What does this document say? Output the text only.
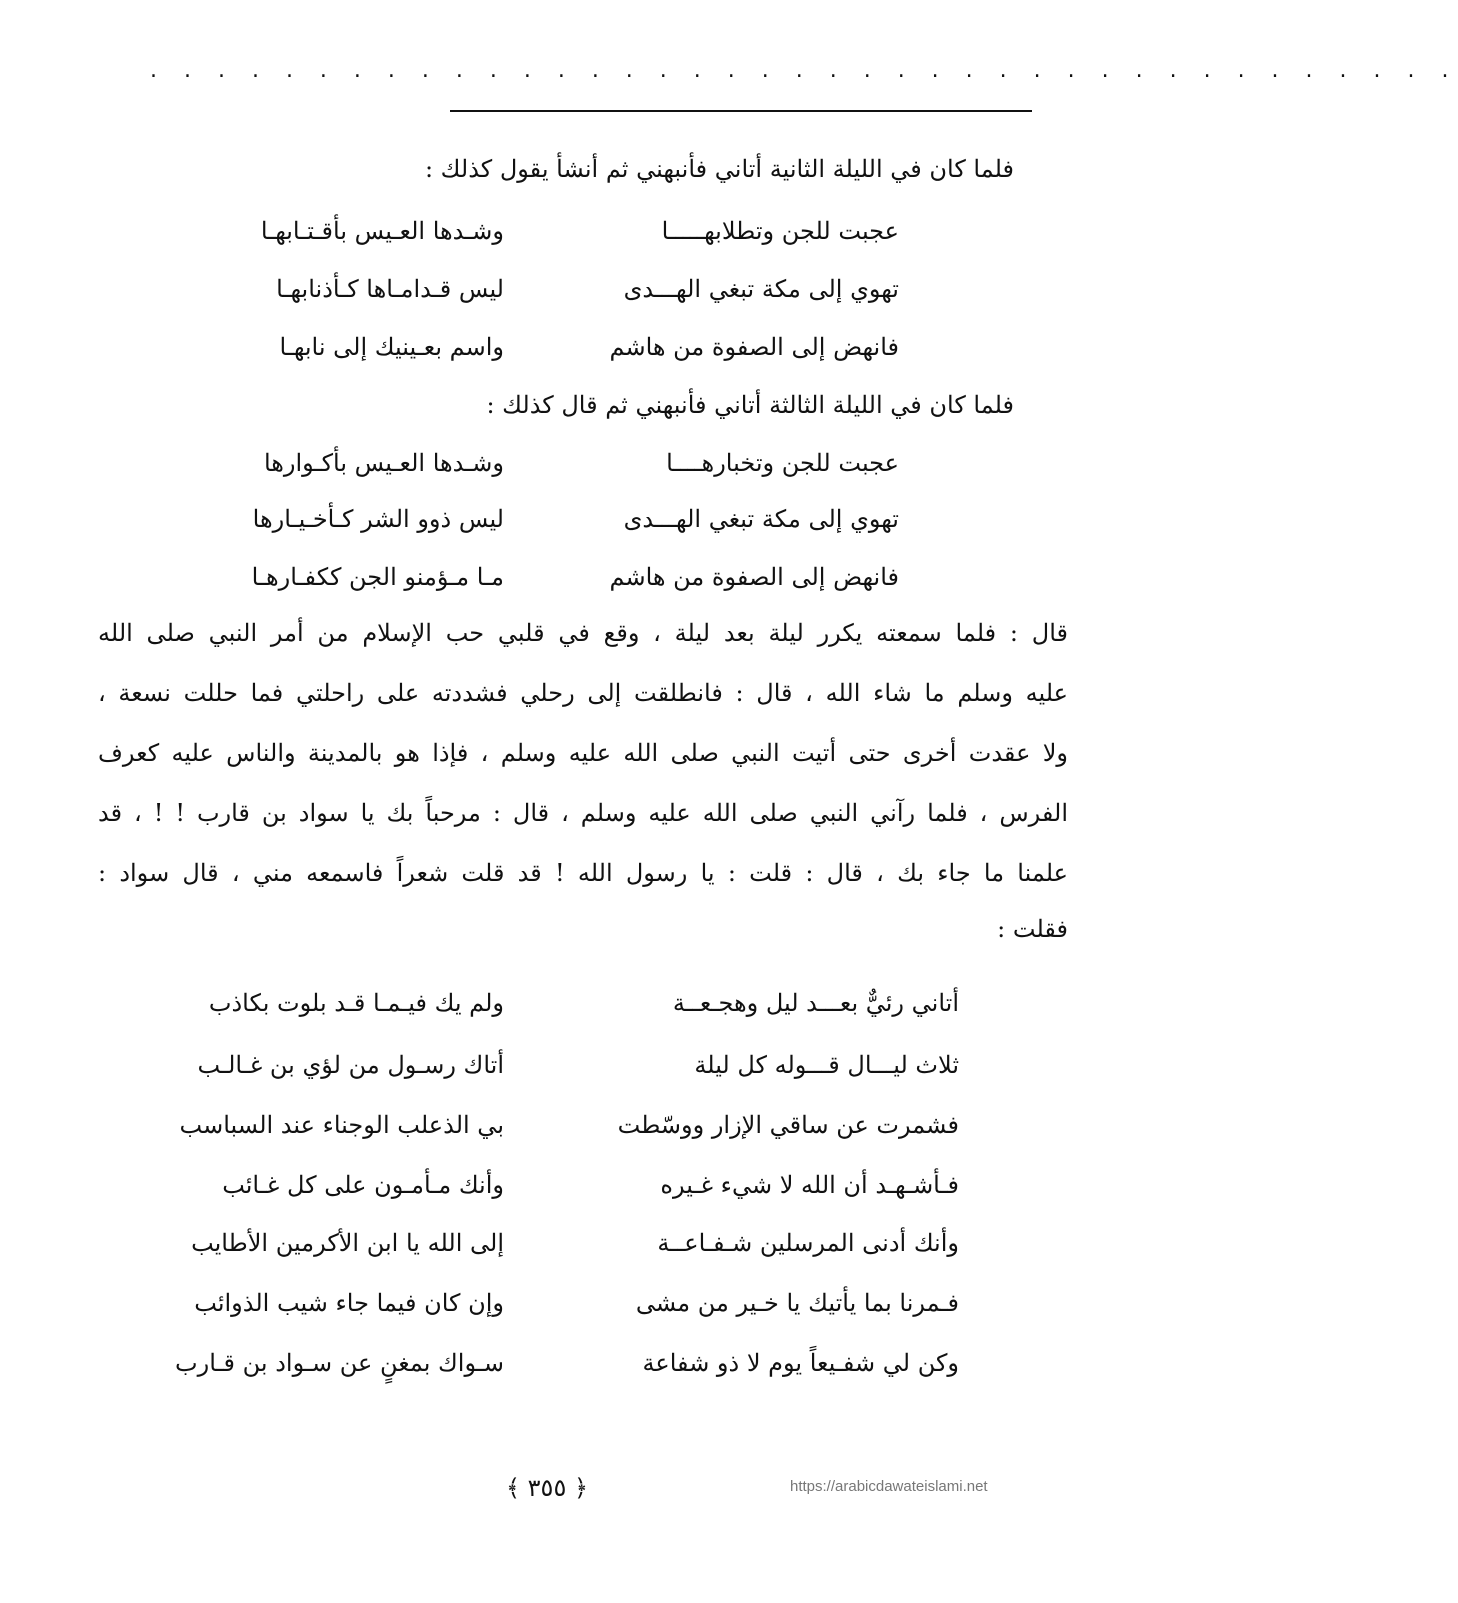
. . . . . . . . . . . . . . . . . . . . . . . . . . . . . . . . . . . . . . .
فلما كان في الليلة الثانية أتاني فأنبهني ثم أنشأ يقول كذلك :
عجبت للجن وتطلابهـــــا
وشـدها العـيس بأقـتـابهـا
تهوي إلى مكة تبغي الهـــدى
ليس قـدامـاها كـأذنابهـا
فانهض إلى الصفوة من هاشم
واسم بعـينيك إلى نابهـا
فلما كان في الليلة الثالثة أتاني فأنبهني ثم قال كذلك :
عجبت للجن وتخبارهــــا
وشـدها العـيس بأكـوارها
تهوي إلى مكة تبغي الهـــدى
ليس ذوو الشر كـأخـيـارها
فانهض إلى الصفوة من هاشم
مـا مـؤمنو الجن ككفـارهـا
قال : فلما سمعته يكرر ليلة بعد ليلة ، وقع في قلبي حب الإسلام من أمر النبي صلى الله
عليه وسلم ما شاء الله ، قال : فانطلقت إلى رحلي فشددته على راحلتي فما حللت نسعة ،
ولا عقدت أخرى حتى أتيت النبي صلى الله عليه وسلم ، فإذا هو بالمدينة والناس عليه كعرف
الفرس ، فلما رآني النبي صلى الله عليه وسلم ، قال : مرحباً بك يا سواد بن قارب ! ! ، قد
علمنا ما جاء بك ، قال : قلت : يا رسول الله ! قد قلت شعراً فاسمعه مني ، قال سواد :
فقلت :
أتاني رئيٌّ بعـــد ليل وهجـعــة
ولم يك فيـمـا قـد بلوت بكاذب
ثلاث ليـــال قـــوله كل ليلة
أتاك رسـول من لؤي بن غـالـب
فشمرت عن ساقي الإزار ووسّطت
بي الذعلب الوجناء عند السباسب
فـأشـهـد أن الله لا شيء غـيره
وأنك مـأمـون على كل غـائب
وأنك أدنى المرسلين شـفـاعــة
إلى الله يا ابن الأكرمين الأطايب
فـمرنا بما يأتيك يا خـير من مشى
وإن كان فيما جاء شيب الذوائب
وكن لي شفـيعاً يوم لا ذو شفاعة
سـواك بمغنٍ عن سـواد بن قـارب
﴿ ٣٥٥ ﴾	https://arabicdawateislami.net
